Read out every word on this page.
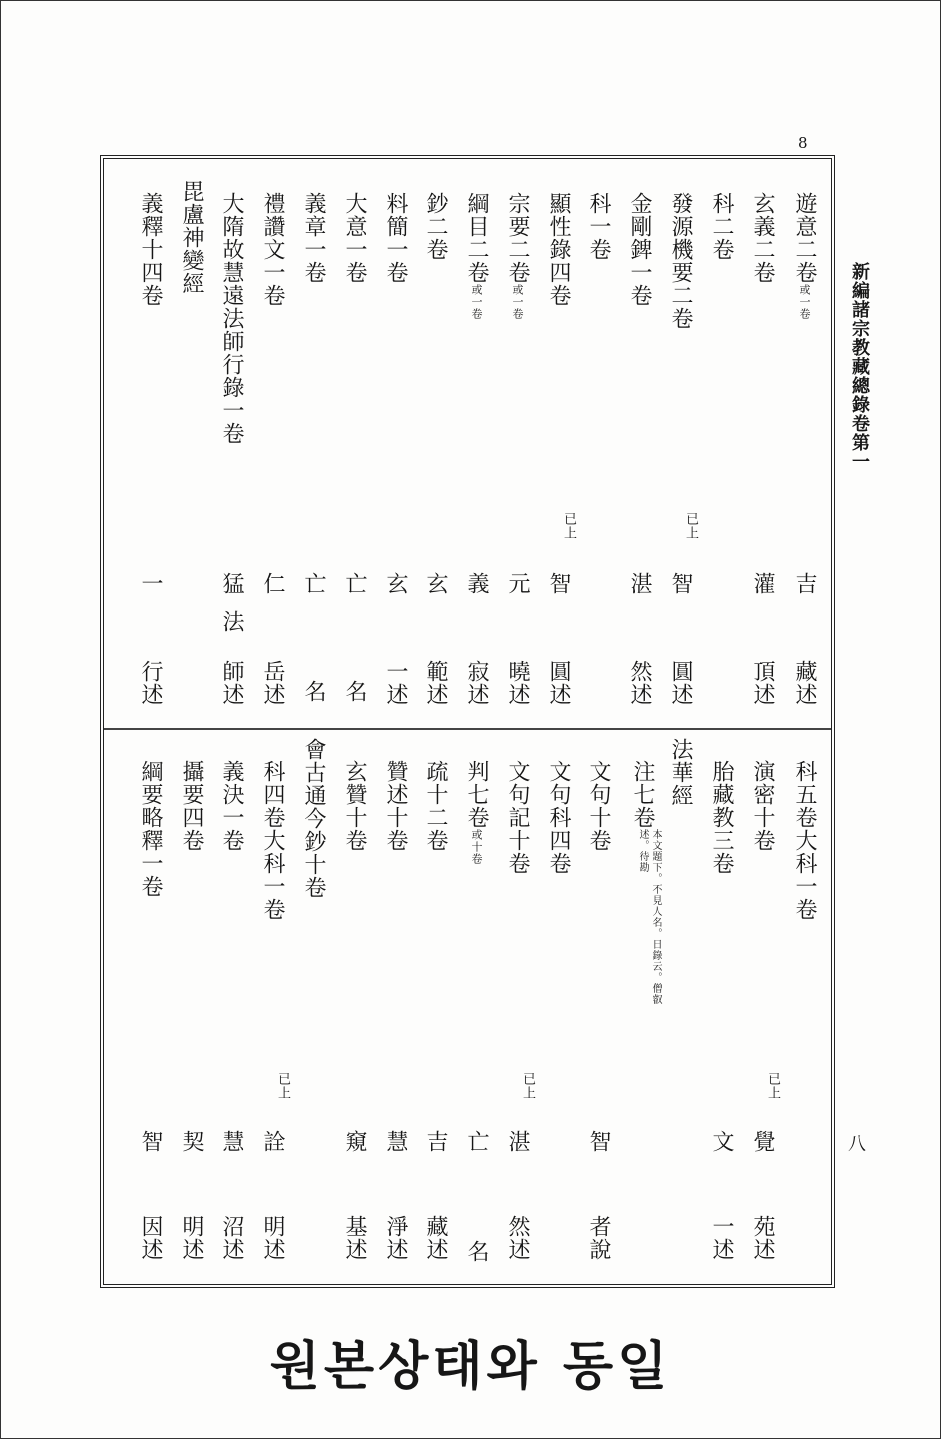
8
新編諸宗教藏總錄卷第一
八
遊意二卷或一卷
玄義二卷
科二卷
發源機要二卷
金剛錍一卷
科一卷
顯性錄四卷
宗要二卷或一卷
綱目二卷或一卷
鈔二卷
料簡一卷
大意一卷
義章一卷
禮讚文一卷
大隋故慧遠法師行錄一卷
毘盧神變經
義釋十四卷
已上
已上
吉
灌
湛 智
智
元
義
玄
玄
亡
亡
仁
猛法
一
藏述
頂述
然述 圓述
圓述
曉述
寂述
範述
一述
名
名
岳述
師述
行述
科五卷大科一卷
演密十卷
胎藏教三卷
法華經
注七卷本文題下。不見人名。日錄云。僧叡述。待勘
文句十卷
文句科四卷
文句記十卷
判七卷或十卷
疏十二卷
贊述十卷
玄贊十卷
會古通今鈔十卷
科四卷大科一卷
義決一卷
攝要四卷
綱要略釋一卷
已上
已上
已上
覺
文
智
湛
亡
吉
慧
窺
詮
慧
契
智
苑述
一述
者說
然述
名
藏述
淨述
基述
明述
沼述
明述
因述
원본상태와 동일
